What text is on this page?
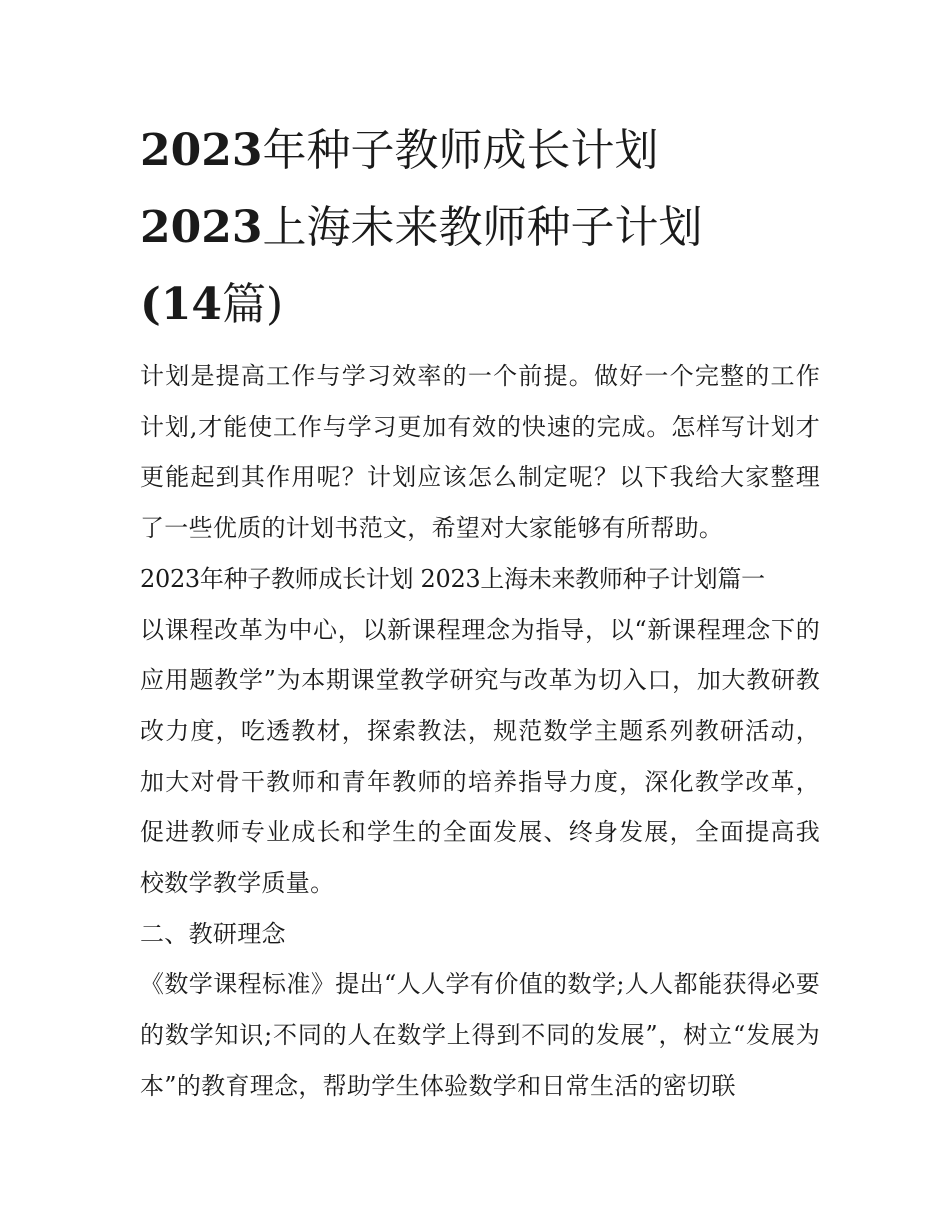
2023年种子教师成长计划
2023上海未来教师种子计划
(14篇)

计划是提高工作与学习效率的一个前提。做好一个完整的工作计划,才能使工作与学习更加有效的快速的完成。怎样写计划才更能起到其作用呢？计划应该怎么制定呢？以下我给大家整理了一些优质的计划书范文，希望对大家能够有所帮助。

2023年种子教师成长计划 2023上海未来教师种子计划篇一

以课程改革为中心，以新课程理念为指导，以“新课程理念下的应用题教学”为本期课堂教学研究与改革为切入口，加大教研教改力度，吃透教材，探索教法，规范数学主题系列教研活动，加大对骨干教师和青年教师的培养指导力度，深化教学改革，促进教师专业成长和学生的全面发展、终身发展，全面提高我校数学教学质量。

二、教研理念

《数学课程标准》提出“人人学有价值的数学;人人都能获得必要的数学知识;不同的人在数学上得到不同的发展”，树立“发展为本”的教育理念，帮助学生体验数学和日常生活的密切联
